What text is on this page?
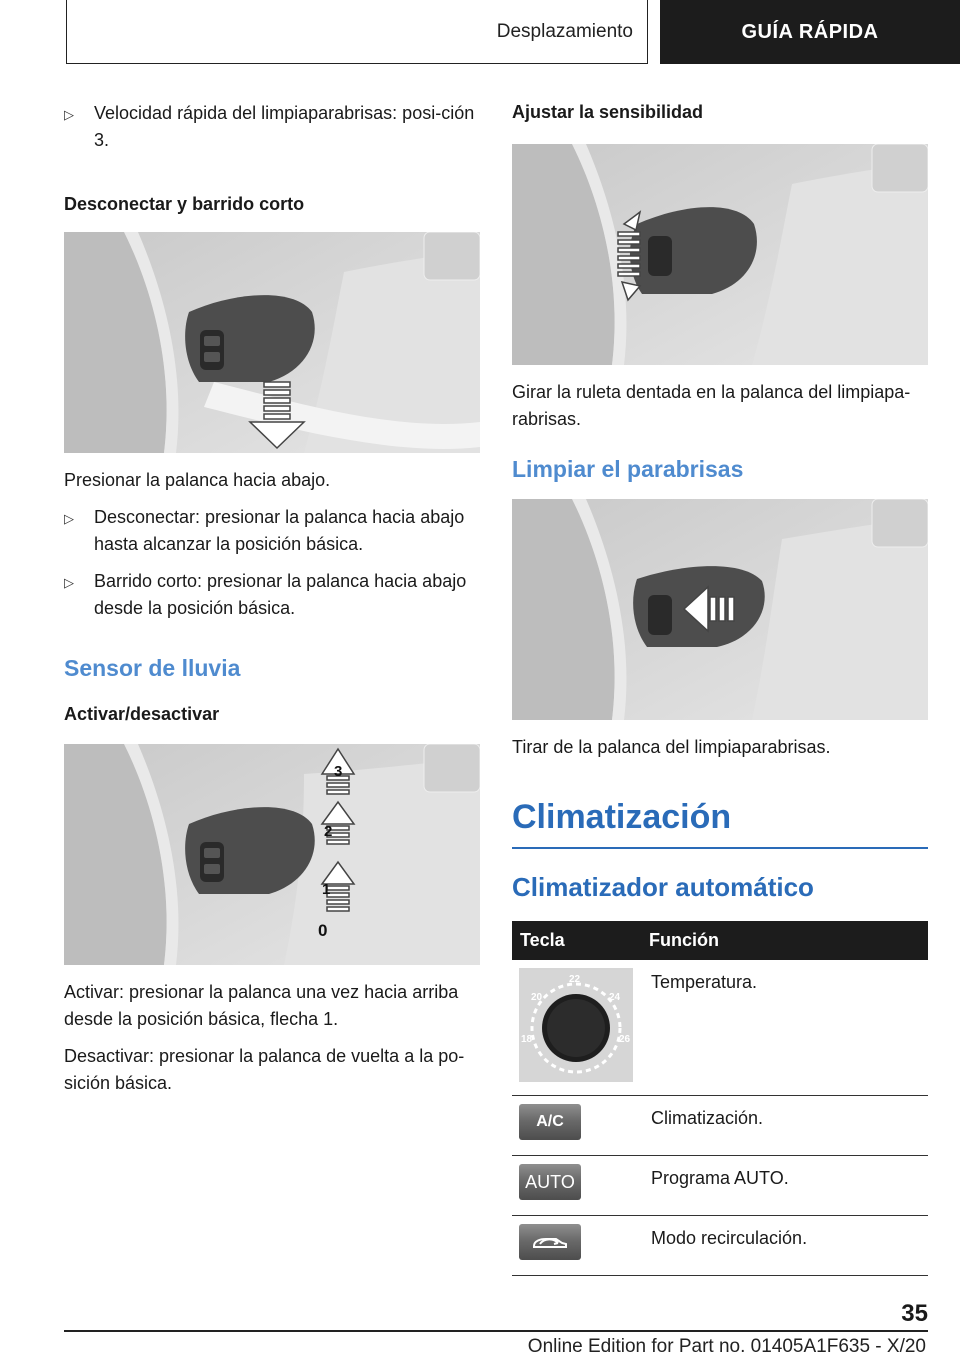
Desplazamiento	GUÍA RÁPIDA
▷	Velocidad rápida del limpiaparabrisas: posi-ción 3.

Desconectar y barrido corto

Presionar la palanca hacia abajo.

▷	Desconectar: presionar la palanca hacia abajo hasta alcanzar la posición básica.
▷	Barrido corto: presionar la palanca hacia abajo desde la posición básica.

Sensor de lluvia

Activar/desactivar

3
2
1
0

Activar: presionar la palanca una vez hacia arriba desde la posición básica, flecha 1.

Desactivar: presionar la palanca de vuelta a la po-sición básica.

Ajustar la sensibilidad

Girar la ruleta dentada en la palanca del limpiapa-rabrisas.

Limpiar el parabrisas

Tirar de la palanca del limpiaparabrisas.

Climatización

Climatizador automático

Tecla	Función

22
20 24
18 26	Temperatura.

A/C	Climatización.

AUTO	Programa AUTO.

	Modo recirculación.
35
Online Edition for Part no. 01405A1F635 - X/20
